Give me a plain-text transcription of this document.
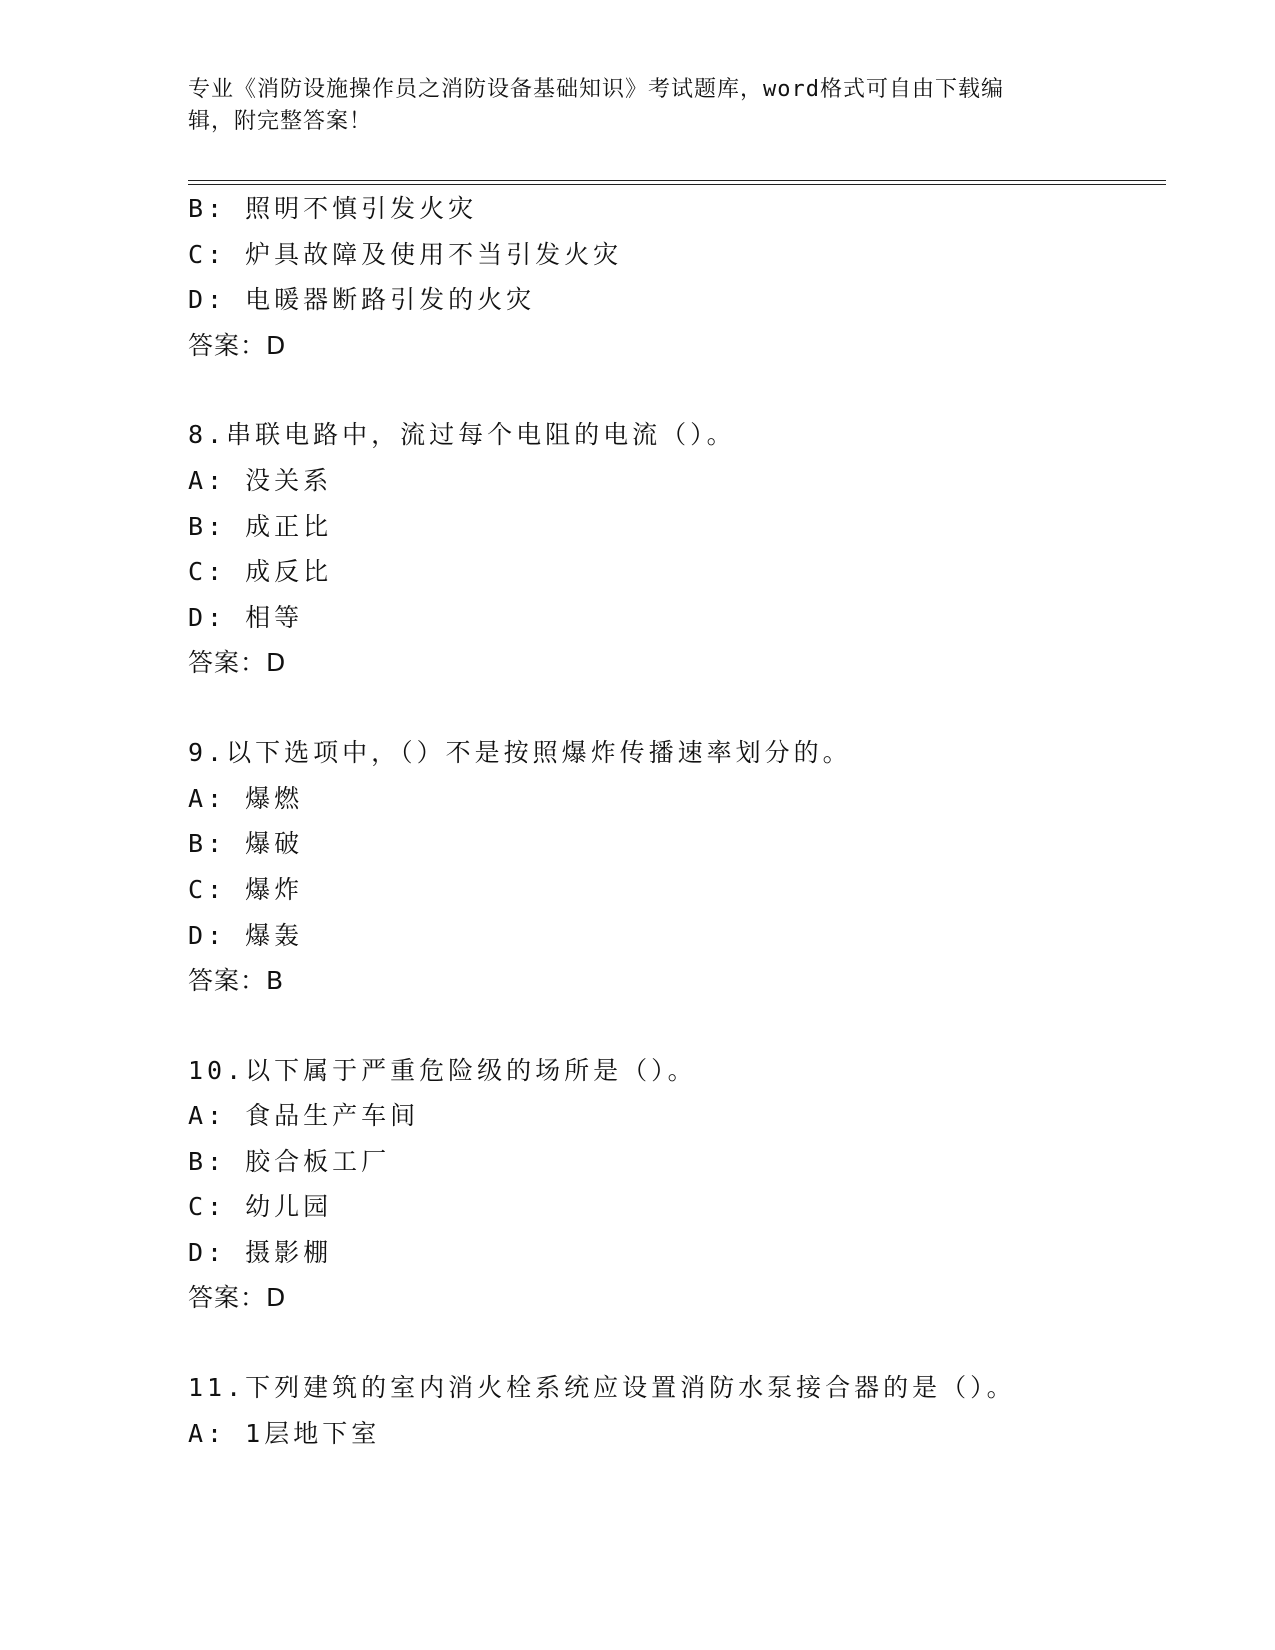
专业《消防设施操作员之消防设备基础知识》考试题库，word格式可自由下载编
辑，附完整答案！
B: 照明不慎引发火灾
C: 炉具故障及使用不当引发火灾
D: 电暖器断路引发的火灾
答案：D
8.串联电路中，流过每个电阻的电流（）。
A: 没关系
B: 成正比
C: 成反比
D: 相等
答案：D
9.以下选项中，（）不是按照爆炸传播速率划分的。
A: 爆燃
B: 爆破
C: 爆炸
D: 爆轰
答案：B
10.以下属于严重危险级的场所是（）。
A: 食品生产车间
B: 胶合板工厂
C: 幼儿园
D: 摄影棚
答案：D
11.下列建筑的室内消火栓系统应设置消防水泵接合器的是（）。
A: 1层地下室
